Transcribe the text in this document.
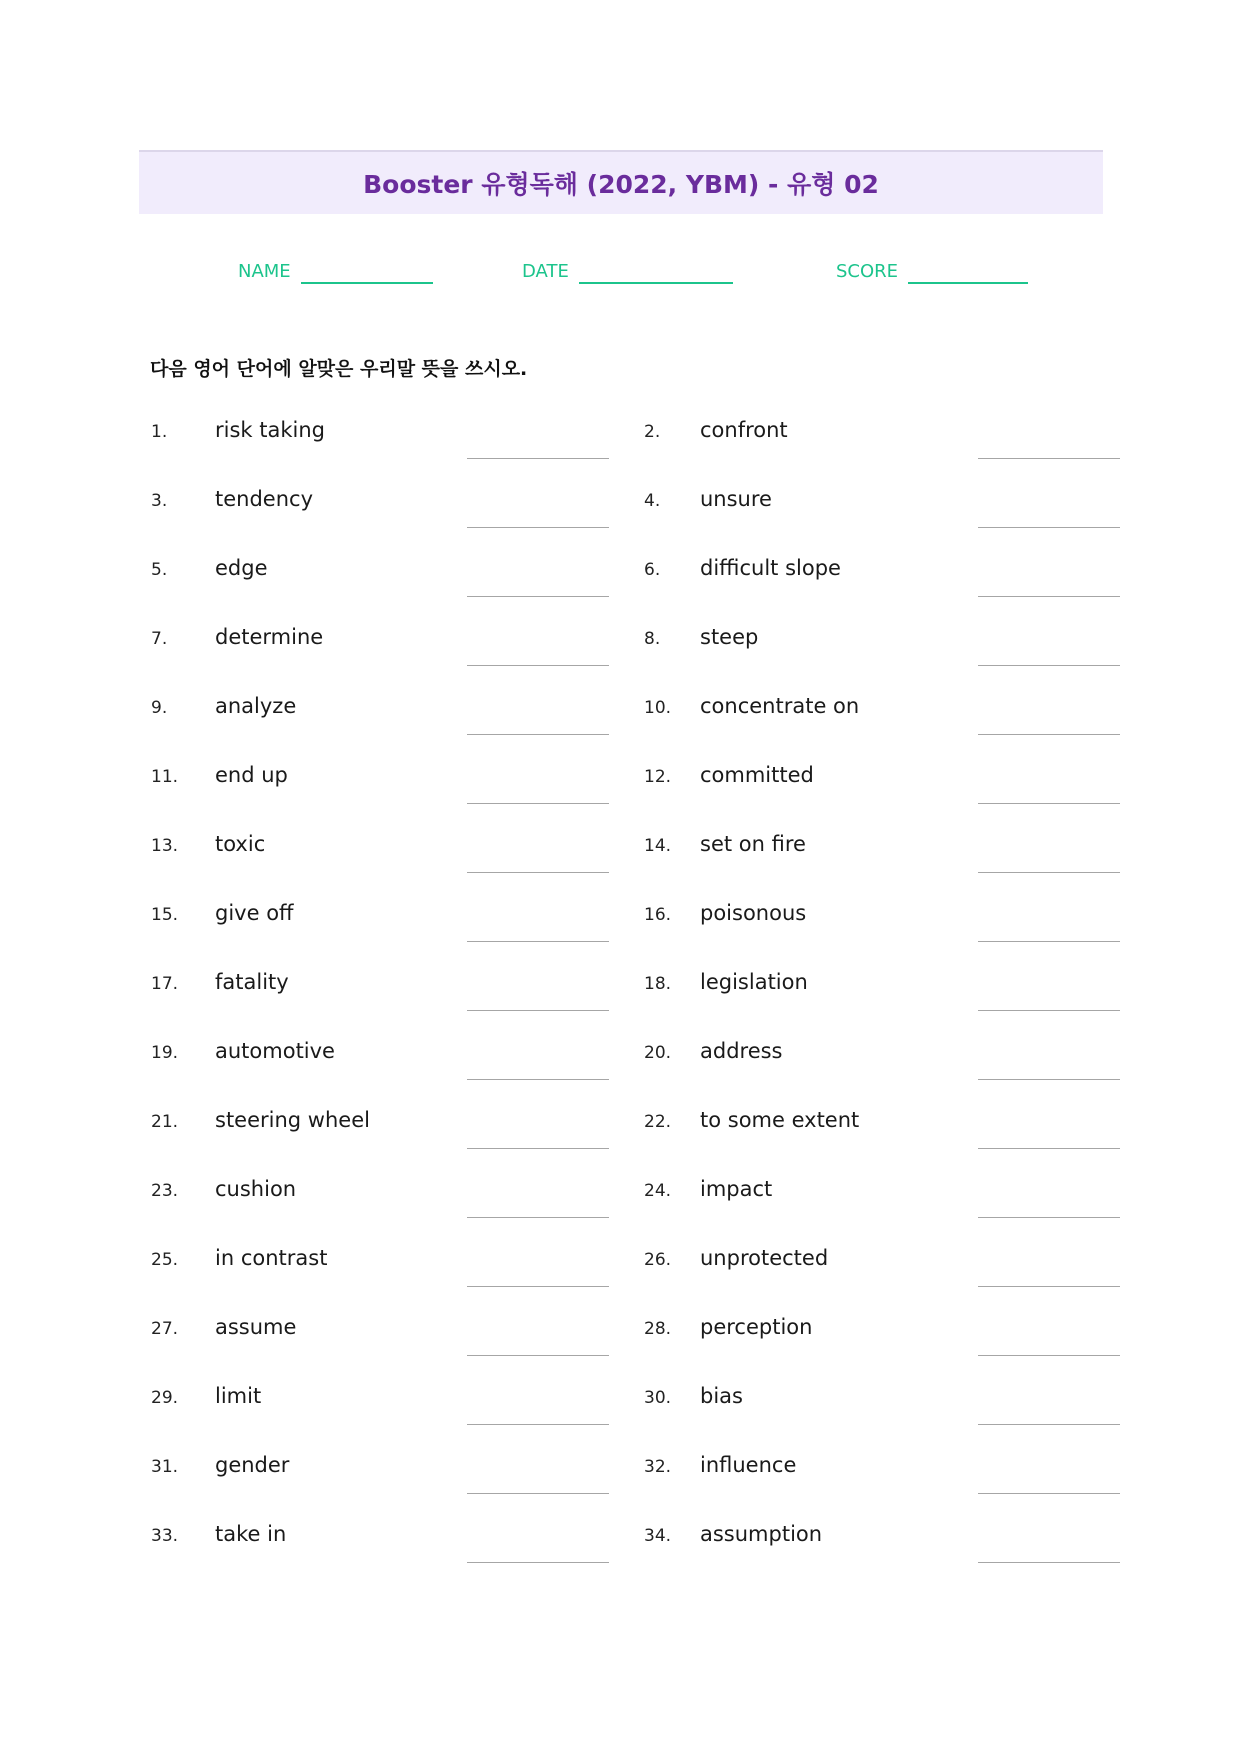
Booster 유형독해 (2022, YBM) - 유형 02
NAME	DATE	SCORE
다음 영어 단어에 알맞은 우리말 뜻을 쓰시오.
1. risk taking	2. confront
3. tendency	4. unsure
5. edge	6. difficult slope
7. determine	8. steep
9. analyze	10. concentrate on
11. end up	12. committed
13. toxic	14. set on fire
15. give off	16. poisonous
17. fatality	18. legislation
19. automotive	20. address
21. steering wheel	22. to some extent
23. cushion	24. impact
25. in contrast	26. unprotected
27. assume	28. perception
29. limit	30. bias
31. gender	32. influence
33. take in	34. assumption
